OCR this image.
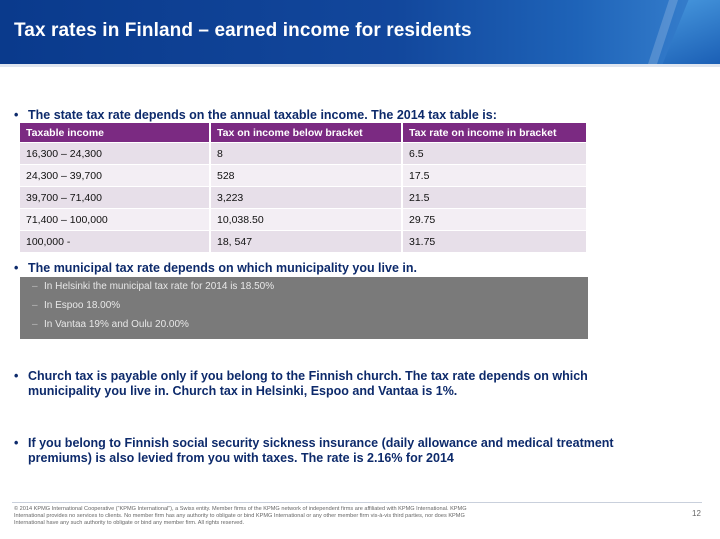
Tax rates in Finland – earned income for residents
• The state tax rate depends on the annual taxable income. The 2014 tax table is:
Taxable income	Tax on income below bracket	Tax rate on income in bracket
16,300 – 24,300	8	6.5
24,300 – 39,700	528	17.5
39,700 – 71,400	3,223	21.5
71,400 – 100,000	10,038.50	29.75
100,000 -	18, 547	31.75
• The municipal tax rate depends on which municipality you live in.
– In Helsinki the municipal tax rate for 2014 is 18.50%
– In Espoo 18.00%
– In Vantaa 19% and Oulu 20.00%
• Church tax is payable only if you belong to the Finnish church. The tax rate depends on which municipality you live in. Church tax in Helsinki, Espoo and Vantaa is 1%.
• If you belong to Finnish social security sickness insurance (daily allowance and medical treatment premiums) is also levied from you with taxes. The rate is 2.16% for 2014
© 2014 KPMG International Cooperative (“KPMG International”), a Swiss entity. Member firms of the KPMG network of independent firms are affiliated with KPMG International. KPMG International provides no services to clients. No member firm has any authority to obligate or bind KPMG International or any other member firm vis-à-vis third parties, nor does KPMG International have any such authority to obligate or bind any member firm. All rights reserved.
12
